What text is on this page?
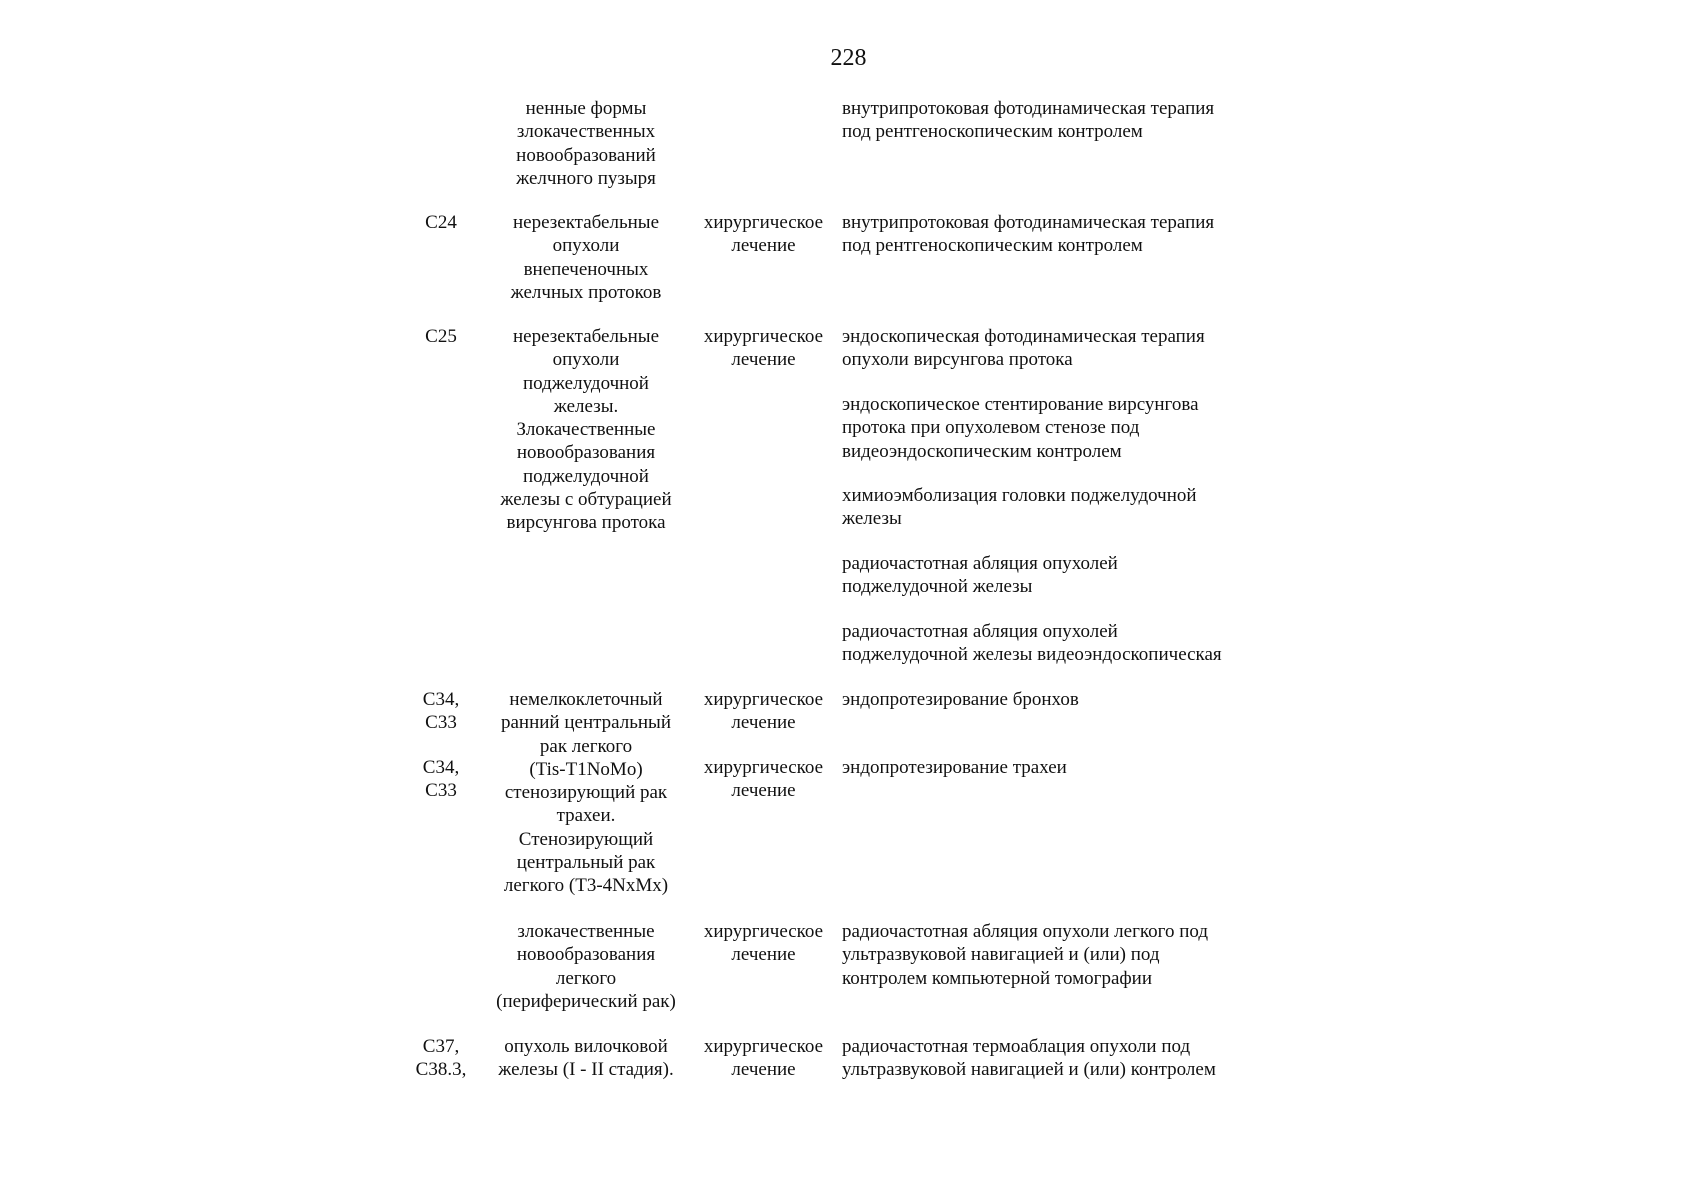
228
ненные формы
злокачественных
новообразований
желчного пузыря
внутрипротоковая фотодинамическая терапия
под рентгеноскопическим контролем
C24	нерезектабельные
опухоли
внепеченочных
желчных протоков
хирургическое
лечение
внутрипротоковая фотодинамическая терапия
под рентгеноскопическим контролем
C25	нерезектабельные
опухоли
поджелудочной
железы.
Злокачественные
новообразования
поджелудочной
железы с обтурацией
вирсунгова протока
хирургическое
лечение
эндоскопическая фотодинамическая терапия
опухоли вирсунгова протока
эндоскопическое стентирование вирсунгова
протока при опухолевом стенозе под
видеоэндоскопическим контролем
химиоэмболизация головки поджелудочной
железы
радиочастотная абляция опухолей
поджелудочной железы
радиочастотная абляция опухолей
поджелудочной железы видеоэндоскопическая
C34,
C33
немелкоклеточный
ранний центральный
рак легкого
(Tis-T1NoMo)
стенозирующий рак
трахеи.
Стенозирующий
центральный рак
легкого (T3-4NxMx)
хирургическое
лечение
эндопротезирование бронхов
C34,
C33
хирургическое
лечение
эндопротезирование трахеи
злокачественные
новообразования
легкого
(периферический рак)
хирургическое
лечение
радиочастотная абляция опухоли легкого под
ультразвуковой навигацией и (или) под
контролем компьютерной томографии
C37,
C38.3,
опухоль вилочковой
железы (I - II стадия).
хирургическое
лечение
радиочастотная термоаблация опухоли под
ультразвуковой навигацией и (или) контролем
